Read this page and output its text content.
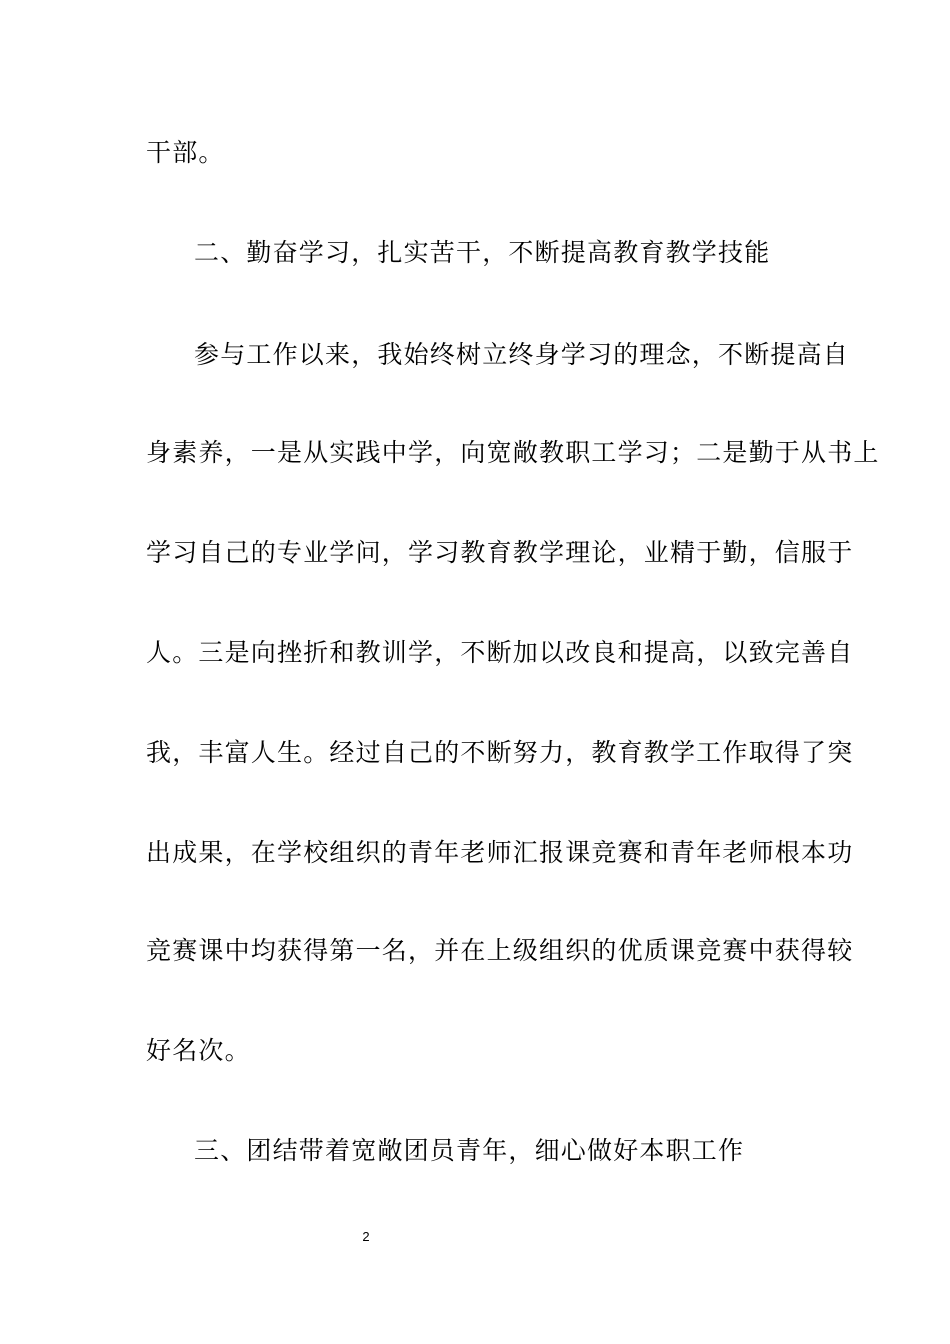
干部。
二、勤奋学习，扎实苦干，不断提高教育教学技能
参与工作以来，我始终树立终身学习的理念，不断提高自
身素养，一是从实践中学，向宽敞教职工学习；二是勤于从书上
学习自己的专业学问，学习教育教学理论，业精于勤，信服于
人。三是向挫折和教训学，不断加以改良和提高，以致完善自
我，丰富人生。经过自己的不断努力，教育教学工作取得了突
出成果，在学校组织的青年老师汇报课竞赛和青年老师根本功
竞赛课中均获得第一名，并在上级组织的优质课竞赛中获得较
好名次。
三、团结带着宽敞团员青年，细心做好本职工作
2
